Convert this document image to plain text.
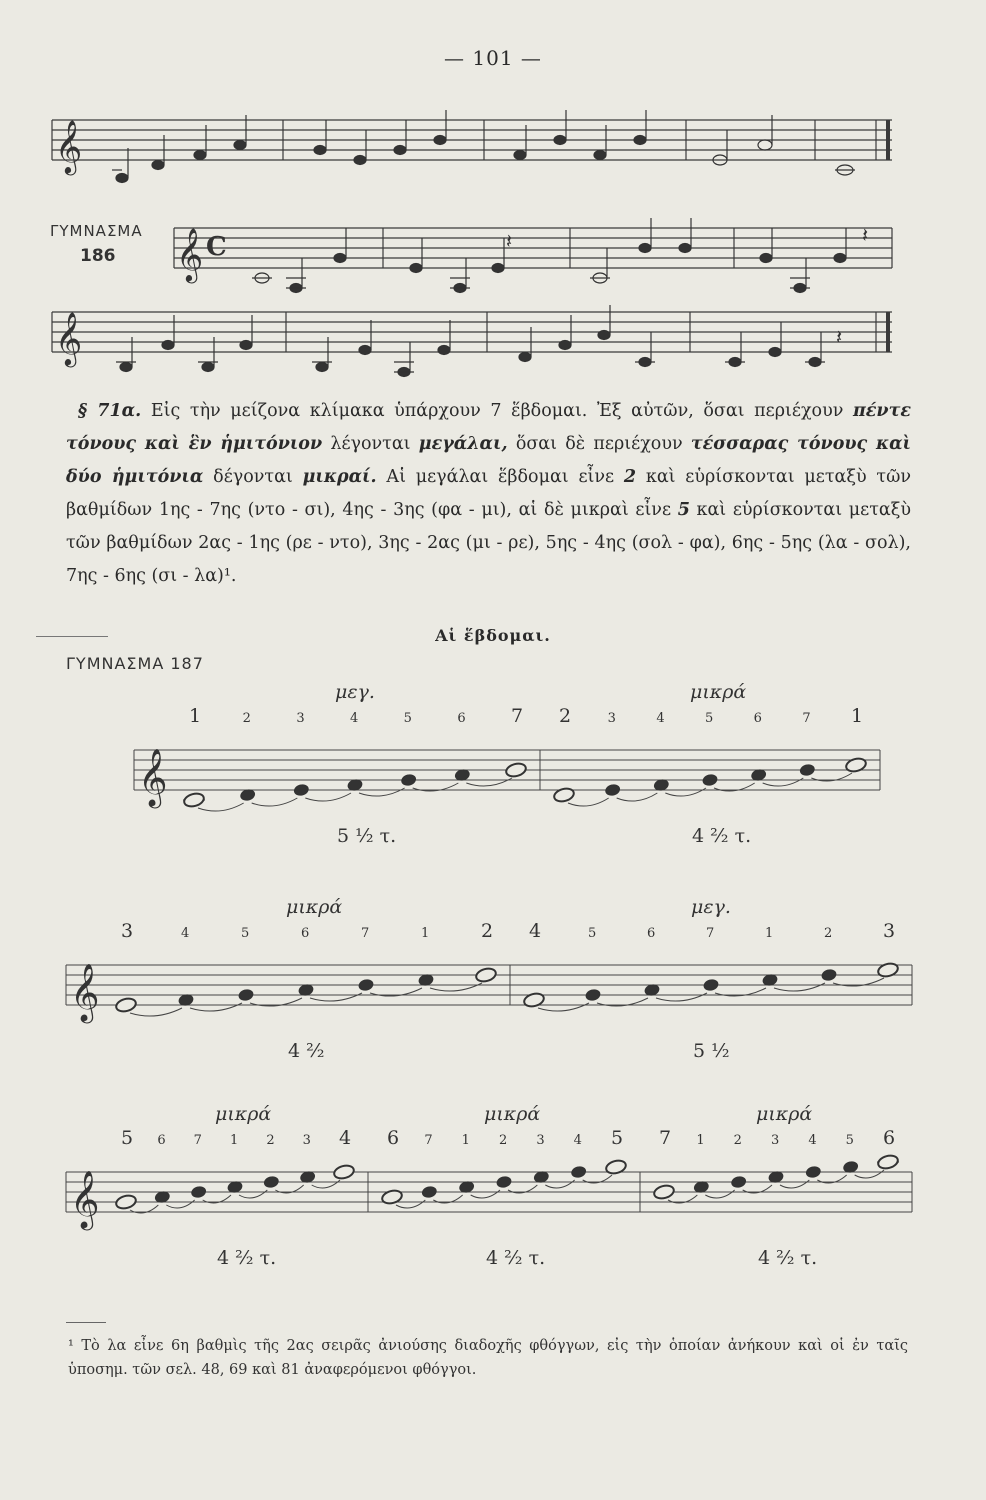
— 101 —
ΓΥΜΝΑΣΜΑ
186
𝄞
𝄞 C	𝄽	𝄽
𝄞	𝄽

§ 71α. Εἰς τὴν μείζονα κλίμακα ὑπάρχουν 7 ἕβδομαι. Ἐξ αὐτῶν, ὅσαι περιέχουν πέντε τόνους καὶ ἓν ἡμιτόνιον λέγονται μεγάλαι, ὅσαι δὲ περιέχουν τέσσαρας τόνους καὶ δύο ἡμιτόνια δέγονται μικραί. Αἱ μεγάλαι ἕβδομαι εἶνε 2 καὶ εὑρίσκονται μεταξὺ τῶν βαθμίδων 1ης - 7ης (ντο - σι), 4ης - 3ης (φα - μι), αἱ δὲ μικραὶ εἶνε 5 καὶ εὑρίσκονται μεταξὺ τῶν βαθμίδων 2ας - 1ης (ρε - ντο), 3ης - 2ας (μι - ρε), 5ης - 4ης (σολ - φα), 6ης - 5ης (λα - σολ), 7ης - 6ης (σι - λα)¹.

Αἱ ἕβδομαι.
ΓΥΜΝΑΣΜΑ 187
𝄞
1	2	3	4	5	6 7
μεγ.
5 ½ τ.
2	3	4	5	6	7 1
μικρά
4 ²⁄₂ τ.
𝄞
3	4	5	6	7	1	2
μικρά
4 ²⁄₂
4	5	6	7	1	2	3
μεγ.
5 ½
𝄞
5 6 7 1 2 3 4
μικρά
4 ²⁄₂ τ.
6 7 1 2 3 4 5
μικρά
4 ²⁄₂ τ.
7 1 2 3 4 5 6
μικρά
4 ²⁄₂ τ.
¹ Τὸ λα εἶνε 6η βαθμὶς τῆς 2ας σειρᾶς ἀνιούσης διαδοχῆς φθόγγων, εἰς τὴν ὁποίαν ἀνήκουν καὶ οἱ ἐν ταῖς ὑποσημ. τῶν σελ. 48, 69 καὶ 81 ἀναφερόμενοι φθόγγοι.
